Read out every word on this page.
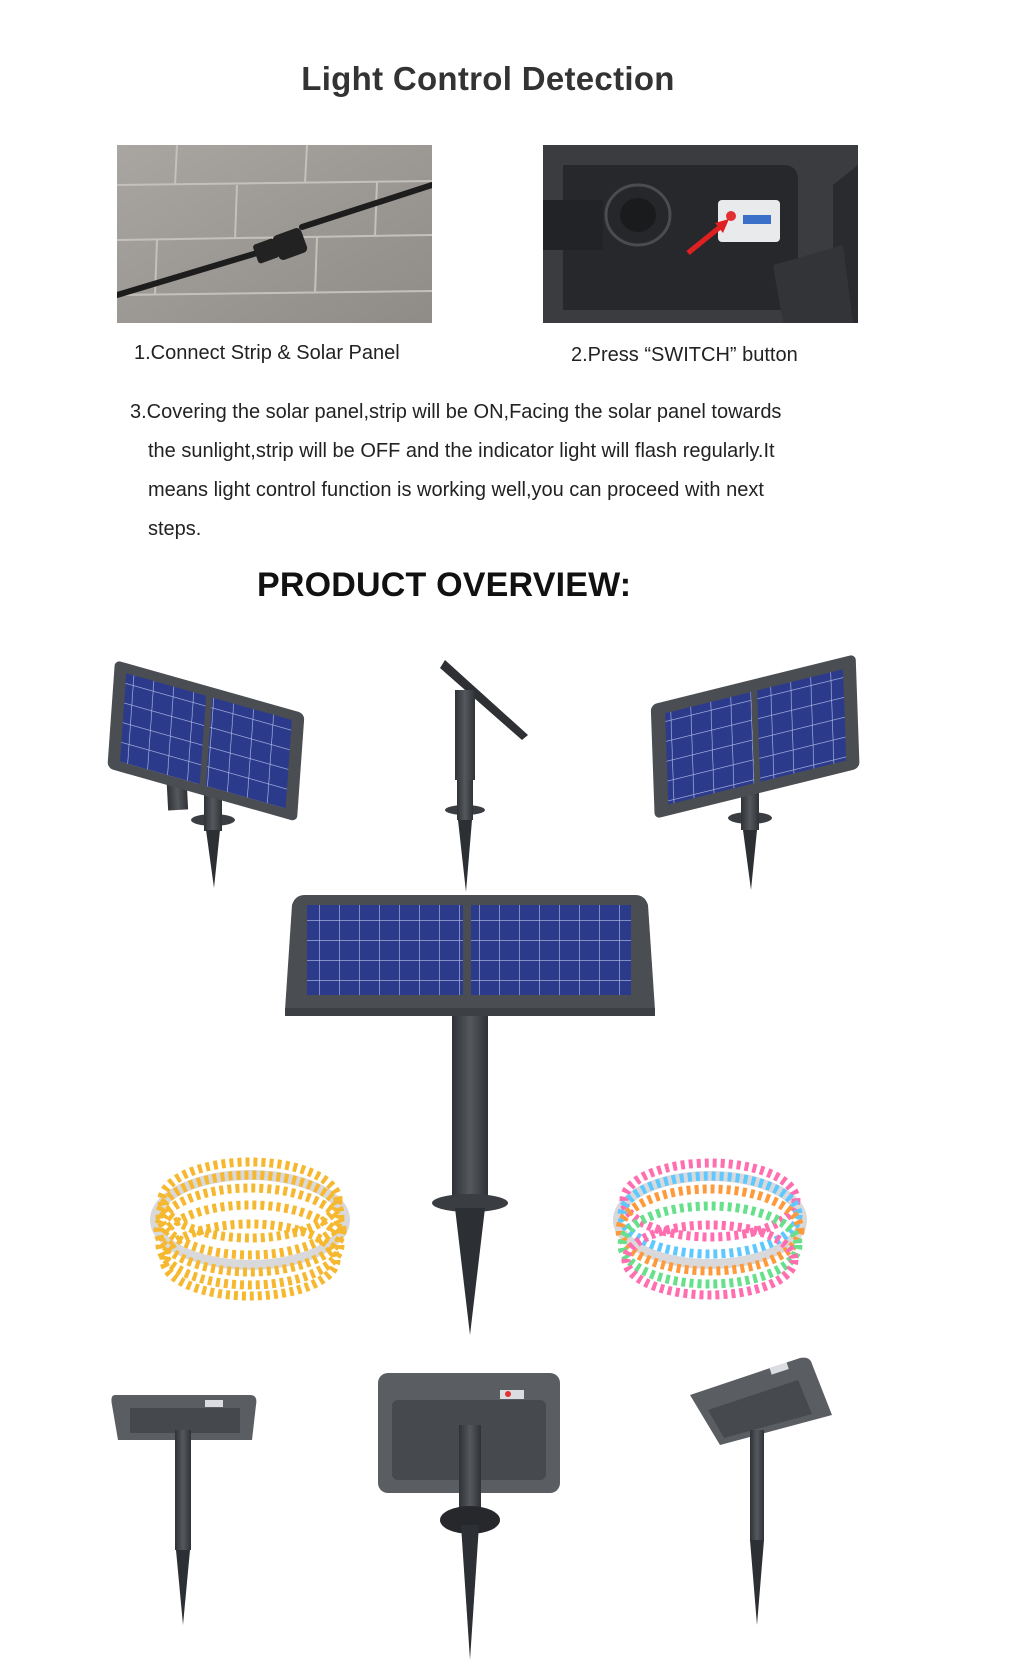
Light Control Detection
1.Connect Strip & Solar Panel	2.Press “SWITCH” button
3.Covering the solar panel,strip will be ON,Facing the solar panel towards
the sunlight,strip will be OFF and the indicator light will flash regularly.It
means light control function is working well,you can proceed with next
steps.
PRODUCT OVERVIEW:
